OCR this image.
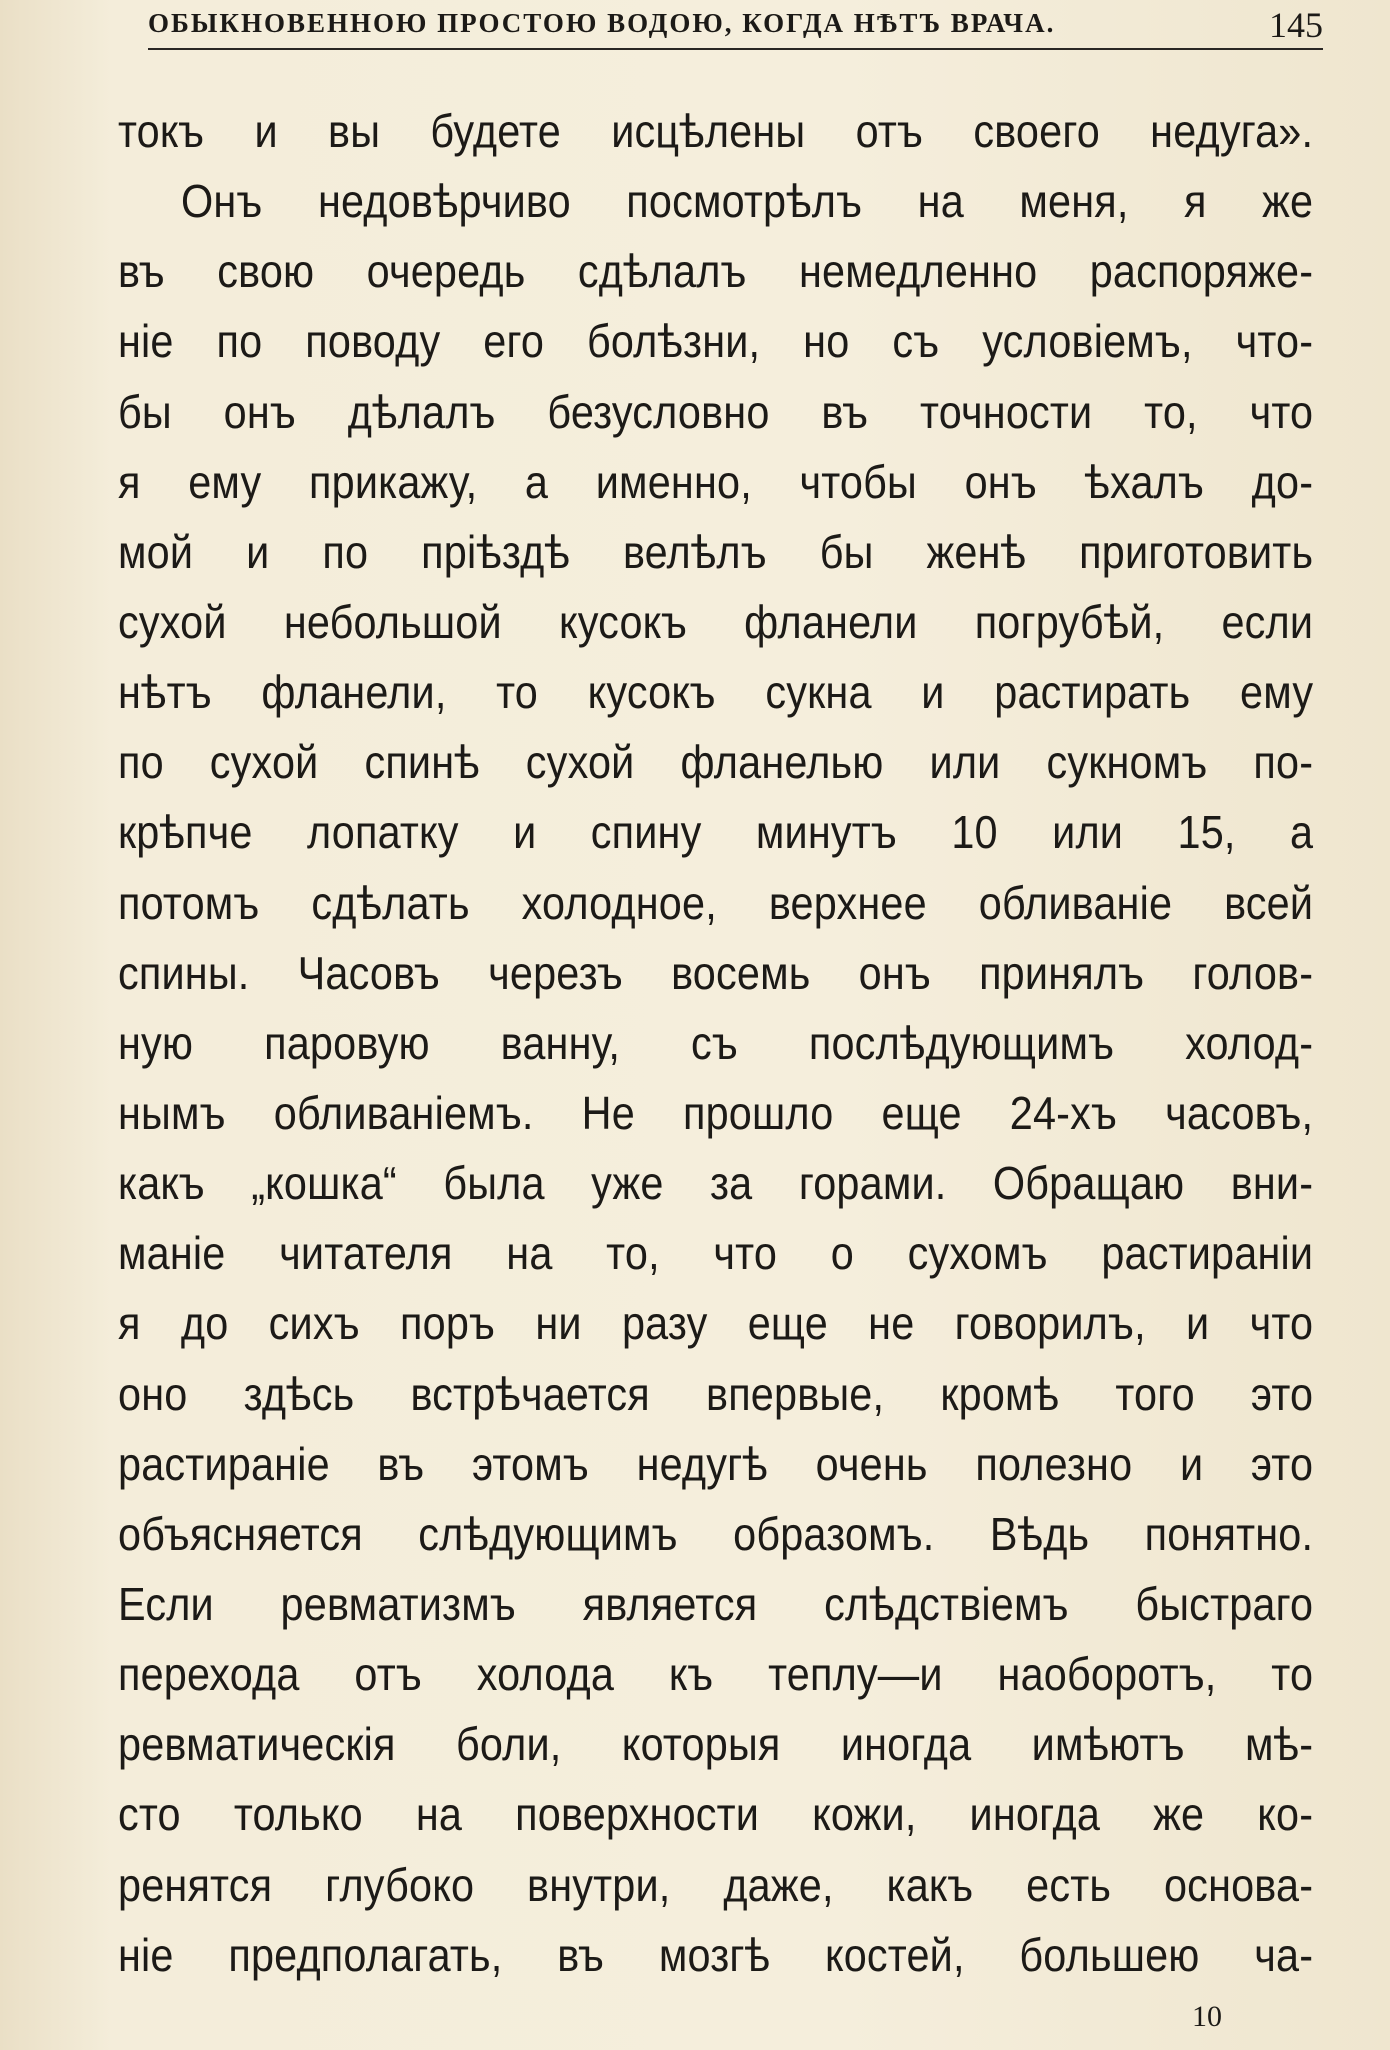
ОБЫКНОВЕННОЮ ПРОСТОЮ ВОДОЮ, КОГДА НѢТЪ ВРАЧА.	145
токъ и вы будете исцѣлены отъ своего недуга».
Онъ недовѣрчиво посмотрѣлъ на меня, я же
въ свою очередь сдѣлалъ немедленно распоряже-
ніе по поводу его болѣзни, но съ условіемъ, что-
бы онъ дѣлалъ безусловно въ точности то, что
я ему прикажу, а именно, чтобы онъ ѣхалъ до-
мой и по пріѣздѣ велѣлъ бы женѣ приготовить
сухой небольшой кусокъ фланели погрубѣй, если
нѣтъ фланели, то кусокъ сукна и растирать ему
по сухой спинѣ сухой фланелью или сукномъ по-
крѣпче лопатку и спину минутъ 10 или 15, а
потомъ сдѣлать холодное, верхнее обливаніе всей
спины. Часовъ черезъ восемь онъ принялъ голов-
ную паровую ванну, съ послѣдующимъ холод-
нымъ обливаніемъ. Не прошло еще 24-хъ часовъ,
какъ „кошка“ была уже за горами. Обращаю вни-
маніе читателя на то, что о сухомъ растираніи
я до сихъ поръ ни разу еще не говорилъ, и что
оно здѣсь встрѣчается впервые, кромѣ того это
растираніе въ этомъ недугѣ очень полезно и это
объясняется слѣдующимъ образомъ. Вѣдь понятно.
Если ревматизмъ является слѣдствіемъ быстраго
перехода отъ холода къ теплу—и наоборотъ, то
ревматическія боли, которыя иногда имѣютъ мѣ-
сто только на поверхности кожи, иногда же ко-
ренятся глубоко внутри, даже, какъ есть основа-
ніе предполагать, въ мозгѣ костей, большею ча-
10
